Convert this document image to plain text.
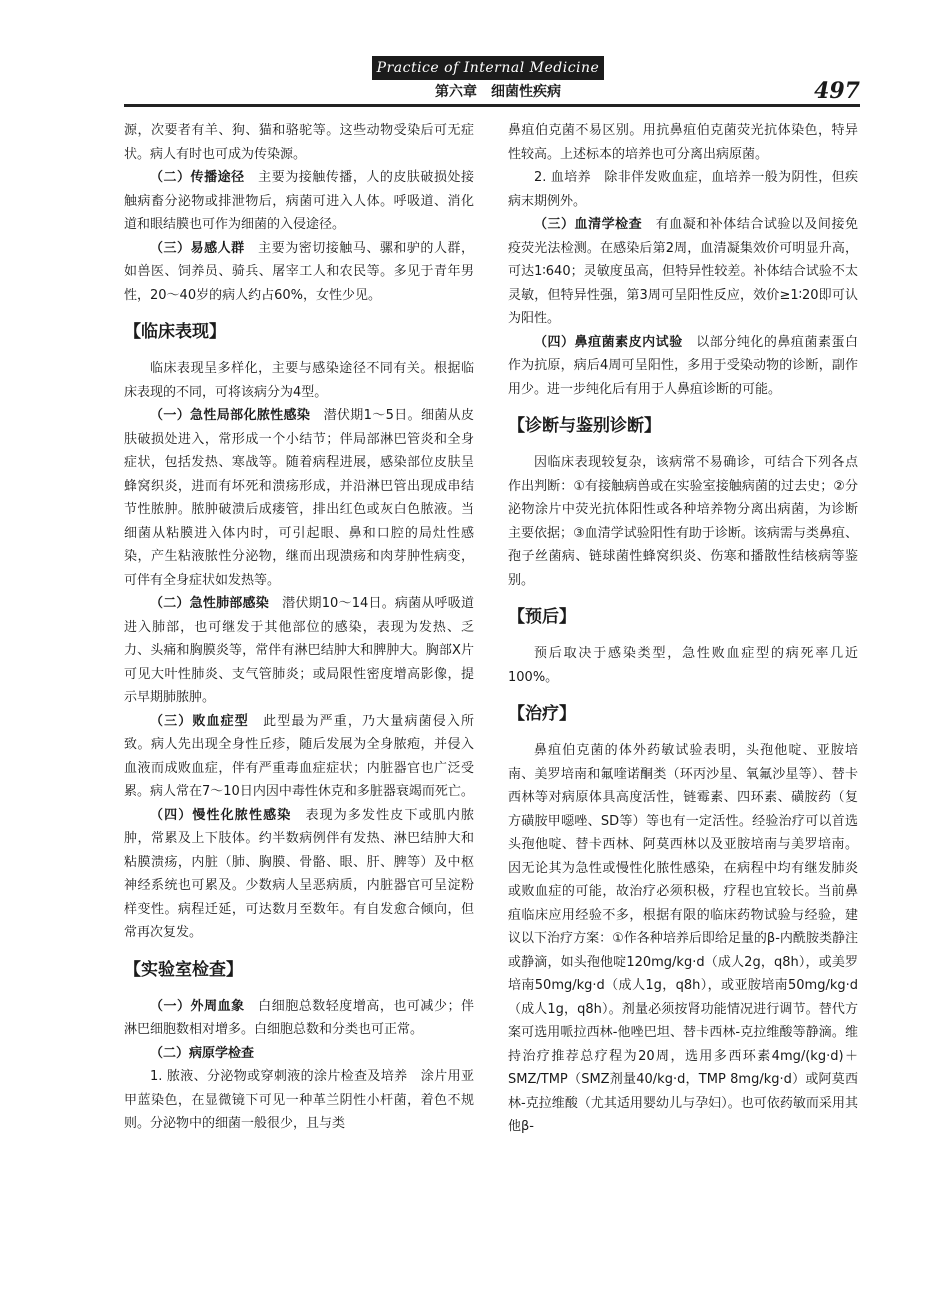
Practice of Internal Medicine
第六章　细菌性疾病	497

源，次要者有羊、狗、猫和骆驼等。这些动物受染后可无症状。病人有时也可成为传染源。

（二）传播途径　主要为接触传播，人的皮肤破损处接触病畜分泌物或排泄物后，病菌可进入人体。呼吸道、消化道和眼结膜也可作为细菌的入侵途径。

（三）易感人群　主要为密切接触马、骡和驴的人群，如兽医、饲养员、骑兵、屠宰工人和农民等。多见于青年男性，20～40岁的病人约占60%，女性少见。

【临床表现】

临床表现呈多样化，主要与感染途径不同有关。根据临床表现的不同，可将该病分为4型。

（一）急性局部化脓性感染　潜伏期1～5日。细菌从皮肤破损处进入，常形成一个小结节；伴局部淋巴管炎和全身症状，包括发热、寒战等。随着病程进展，感染部位皮肤呈蜂窝织炎，进而有坏死和溃疡形成，并沿淋巴管出现成串结节性脓肿。脓肿破溃后成瘘管，排出红色或灰白色脓液。当细菌从粘膜进入体内时，可引起眼、鼻和口腔的局灶性感染，产生粘液脓性分泌物，继而出现溃疡和肉芽肿性病变，可伴有全身症状如发热等。

（二）急性肺部感染　潜伏期10～14日。病菌从呼吸道进入肺部，也可继发于其他部位的感染，表现为发热、乏力、头痛和胸膜炎等，常伴有淋巴结肿大和脾肿大。胸部X片可见大叶性肺炎、支气管肺炎；或局限性密度增高影像，提示早期肺脓肿。

（三）败血症型　此型最为严重，乃大量病菌侵入所致。病人先出现全身性丘疹，随后发展为全身脓疱，并侵入血液而成败血症，伴有严重毒血症症状；内脏器官也广泛受累。病人常在7～10日内因中毒性休克和多脏器衰竭而死亡。

（四）慢性化脓性感染　表现为多发性皮下或肌内脓肿，常累及上下肢体。约半数病例伴有发热、淋巴结肿大和粘膜溃疡，内脏（肺、胸膜、骨骼、眼、肝、脾等）及中枢神经系统也可累及。少数病人呈恶病质，内脏器官可呈淀粉样变性。病程迁延，可达数月至数年。有自发愈合倾向，但常再次复发。

【实验室检查】

（一）外周血象　白细胞总数轻度增高，也可减少；伴淋巴细胞数相对增多。白细胞总数和分类也可正常。

（二）病原学检查

1. 脓液、分泌物或穿刺液的涂片检查及培养　涂片用亚甲蓝染色，在显微镜下可见一种革兰阴性小杆菌，着色不规则。分泌物中的细菌一般很少，且与类

鼻疽伯克菌不易区别。用抗鼻疽伯克菌荧光抗体染色，特异性较高。上述标本的培养也可分离出病原菌。

2. 血培养　除非伴发败血症，血培养一般为阴性，但疾病末期例外。

（三）血清学检查　有血凝和补体结合试验以及间接免疫荧光法检测。在感染后第2周，血清凝集效价可明显升高，可达1∶640；灵敏度虽高，但特异性较差。补体结合试验不太灵敏，但特异性强，第3周可呈阳性反应，效价≥1∶20即可认为阳性。

（四）鼻疽菌素皮内试验　以部分纯化的鼻疽菌素蛋白作为抗原，病后4周可呈阳性，多用于受染动物的诊断，副作用少。进一步纯化后有用于人鼻疽诊断的可能。

【诊断与鉴别诊断】

因临床表现较复杂，该病常不易确诊，可结合下列各点作出判断：①有接触病兽或在实验室接触病菌的过去史；②分泌物涂片中荧光抗体阳性或各种培养物分离出病菌，为诊断主要依据；③血清学试验阳性有助于诊断。该病需与类鼻疽、孢子丝菌病、链球菌性蜂窝织炎、伤寒和播散性结核病等鉴别。

【预后】

预后取决于感染类型，急性败血症型的病死率几近100%。

【治疗】

鼻疽伯克菌的体外药敏试验表明，头孢他啶、亚胺培南、美罗培南和氟喹诺酮类（环丙沙星、氧氟沙星等）、替卡西林等对病原体具高度活性，链霉素、四环素、磺胺药（复方磺胺甲噁唑、SD等）等也有一定活性。经验治疗可以首选头孢他啶、替卡西林、阿莫西林以及亚胺培南与美罗培南。因无论其为急性或慢性化脓性感染，在病程中均有继发肺炎或败血症的可能，故治疗必须积极，疗程也宜较长。当前鼻疽临床应用经验不多，根据有限的临床药物试验与经验，建议以下治疗方案：①作各种培养后即给足量的β-内酰胺类静注或静滴，如头孢他啶120mg/kg·d（成人2g，q8h），或美罗培南50mg/kg·d（成人1g，q8h），或亚胺培南50mg/kg·d（成人1g，q8h）。剂量必须按肾功能情况进行调节。替代方案可选用哌拉西林-他唑巴坦、替卡西林-克拉维酸等静滴。维持治疗推荐总疗程为20周，选用多西环素4mg/(kg·d)＋SMZ/TMP（SMZ剂量40/kg·d，TMP 8mg/kg·d）或阿莫西林-克拉维酸（尤其适用婴幼儿与孕妇）。也可依药敏而采用其他β-
